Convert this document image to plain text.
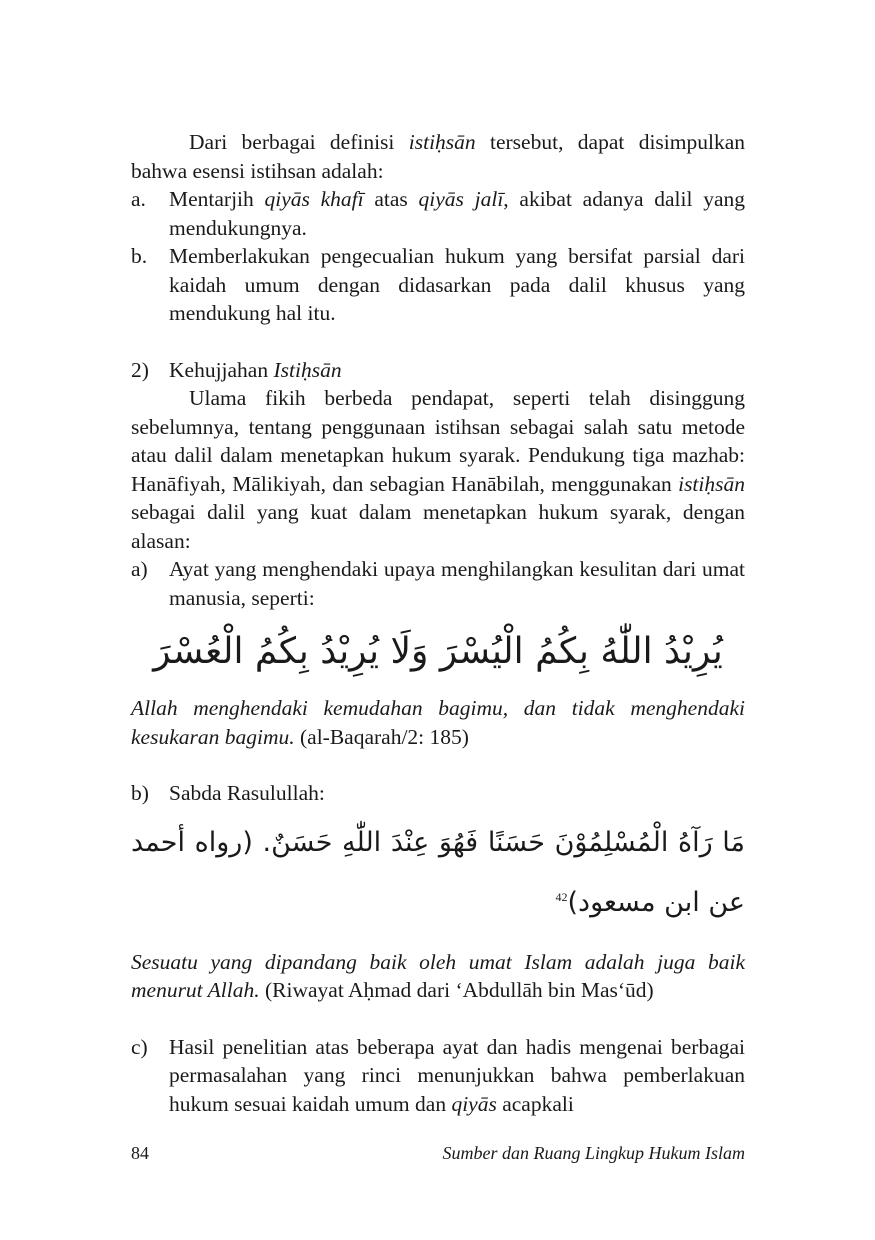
Dari berbagai definisi istiḥsān tersebut, dapat disimpulkan bahwa esensi istihsan adalah:

a.	Mentarjih qiyās khafī atas qiyās jalī, akibat adanya dalil yang mendukungnya.
b.	Memberlakukan pengecualian hukum yang bersifat parsial dari kaidah umum dengan didasarkan pada dalil khusus yang mendukung hal itu.
2) Kehujjahan Istiḥsān

Ulama fikih berbeda pendapat, seperti telah disinggung sebelumnya, tentang penggunaan istihsan sebagai salah satu metode atau dalil dalam menetapkan hukum syarak. Pendukung tiga mazhab: Hanāfiyah, Mālikiyah, dan sebagian Hanābilah, menggunakan istiḥsān sebagai dalil yang kuat dalam menetapkan hukum syarak, dengan alasan:

a) Ayat yang menghendaki upaya menghilangkan kesulitan dari umat manusia, seperti:
يُرِيْدُ اللّٰهُ بِكُمُ الْيُسْرَ وَلَا يُرِيْدُ بِكُمُ الْعُسْرَ

Allah menghendaki kemudahan bagimu, dan tidak menghendaki kesukaran bagimu. (al-Baqarah/2: 185)

b) Sabda Rasulullah:
مَا رَآهُ الْمُسْلِمُوْنَ حَسَنًا فَهُوَ عِنْدَ اللّٰهِ حَسَنٌ. (رواه أحمد عن ابن مسعود)$^{42}$

Sesuatu yang dipandang baik oleh umat Islam adalah juga baik menurut Allah. (Riwayat Aḥmad dari ‘Abdullāh bin Mas‘ūd)

c) Hasil penelitian atas beberapa ayat dan hadis mengenai berbagai permasalahan yang rinci menunjukkan bahwa pemberlakuan hukum sesuai kaidah umum dan qiyās acapkali
84	Sumber dan Ruang Lingkup Hukum Islam
